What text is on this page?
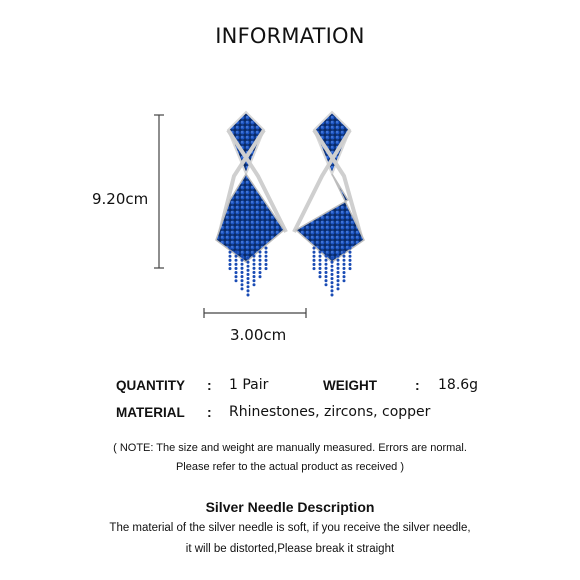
INFORMATION
9.20cm
3.00cm
QUANTITY : 1 Pair	WEIGHT	: 18.6g
MATERIAL : Rhinestones, zircons, copper
( NOTE: The size and weight are manually measured. Errors are normal.
Please refer to the actual product as received )
Silver Needle Description
The material of the silver needle is soft, if you receive the silver needle,
it will be distorted,Please break it straight
